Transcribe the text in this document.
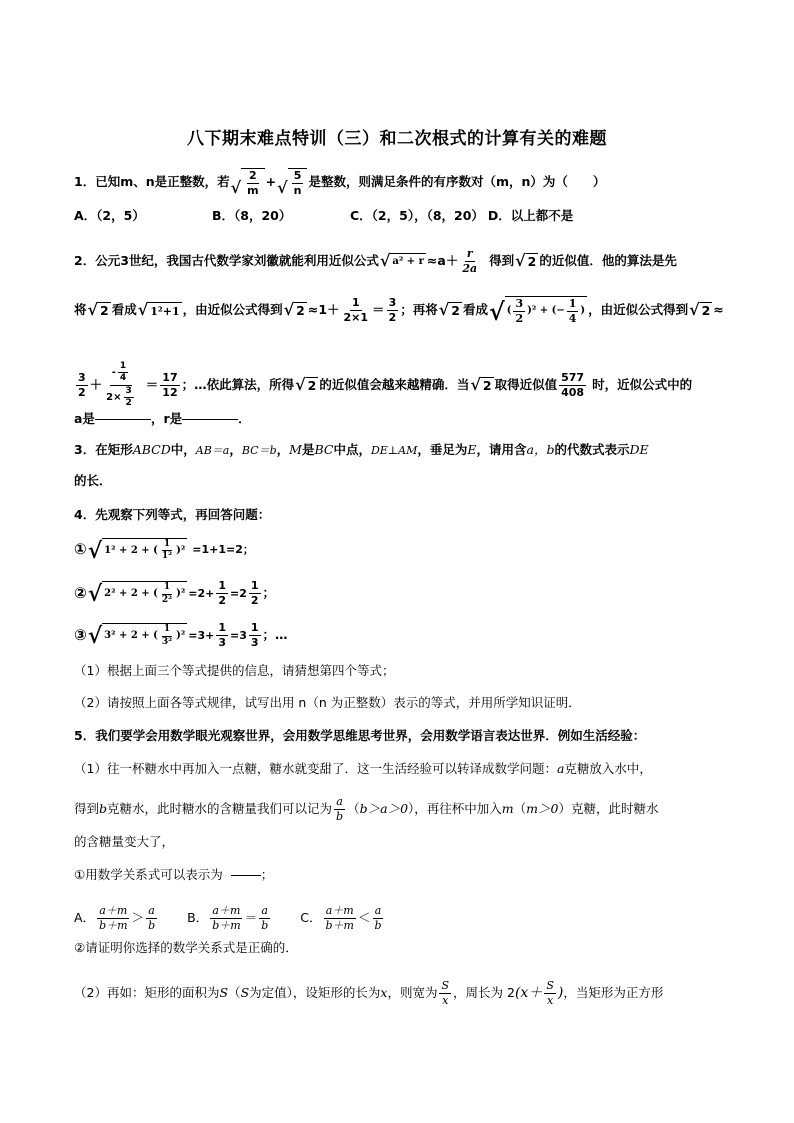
八下期末难点特训（三）和二次根式的计算有关的难题
1．已知m、n是正整数，若 √ $\frac{2}{m}$ + √ $\frac{5}{n}$ 是整数，则满足条件的有序数对（m，n）为（　　）
A．（2，5）	B．（8，20）	C．（2，5），（8，20） D．以上都不是
2．公元3世纪，我国古代数学家刘徽就能利用近似公式 √ $a^2 + r \approx a+ \frac{r}{2a}$ 得到 √ 2 的近似值．他的算法是先
将 √ 2 看成 √ 1²+1 ，由近似公式得到 √ $2 \approx 1+ \frac{1}{2\times 1} = \frac{3}{2}$ ；再将 √ 2 看成 √ ( $\frac{3}{2} )^2$ + (− $\frac{1}{4}$ ) ，由近似公式得到 √ 2 ≈
$\frac{3}{2} + \frac{- \frac{1}{4}}{2\times \frac{3}{2}} = \frac{17}{12}$ ；…依此算法，所得 √ 2 的近似值会越来越精确．当 √ 2 取得近似值 $\frac{577}{408}$ 时，近似公式中的
a是	，r是	．
3．在矩形 ABCD 中， AB＝a ， BC＝b ， M 是 BC 中点， DE⊥AM ，垂足为 E ，请用含 a，b 的代数式表示 DE
的长．
4．先观察下列等式，再回答问题：
① √ 1² + 2 + ( $\frac{1}{\text{1²}} )^2 =1+1=2$；
② √ 2² + 2 + ( $\frac{1}{\text{2²}} )^2 =2+ \frac{1}{2} =2 \frac{1}{2}$ ；
③ √ 3² + 2 + ( $\frac{1}{\text{3²}} )^2 =3+ \frac{1}{3} =3 \frac{1}{3}$ ；…
（1）根据上面三个等式提供的信息，请猜想第四个等式；
（2）请按照上面各等式规律，试写出用 n（n 为正整数）表示的等式，并用所学知识证明．
5．我们要学会用数学眼光观察世界，会用数学思维思考世界，会用数学语言表达世界．例如生活经验：
（1）往一杯糖水中再加入一点糖，糖水就变甜了．这一生活经验可以转译成数学问题： a 克糖放入水中，
得到 b 克糖水，此时糖水的含糖量我们可以记为 $\frac{a}{b}$ （ b＞a＞0 ），再往杯中加入 m （ m＞0 ）克糖，此时糖水
的含糖量变大了，
①用数学关系式可以表示为	；
A． $\frac{a+m}{b+m} > \frac{a}{b}$ B． $\frac{a+m}{b+m} = \frac{a}{b}$ C． $\frac{a+m}{b+m} < \frac{a}{b}$
②请证明你选择的数学关系式是正确的．
（2）再如：矩形的面积为 S （ S 为定值），设矩形的长为 x ，则宽为 $\frac{S}{x}$ ，周长为 2 ($x+ \frac{S}{x}$ ) ，当矩形为正方形
